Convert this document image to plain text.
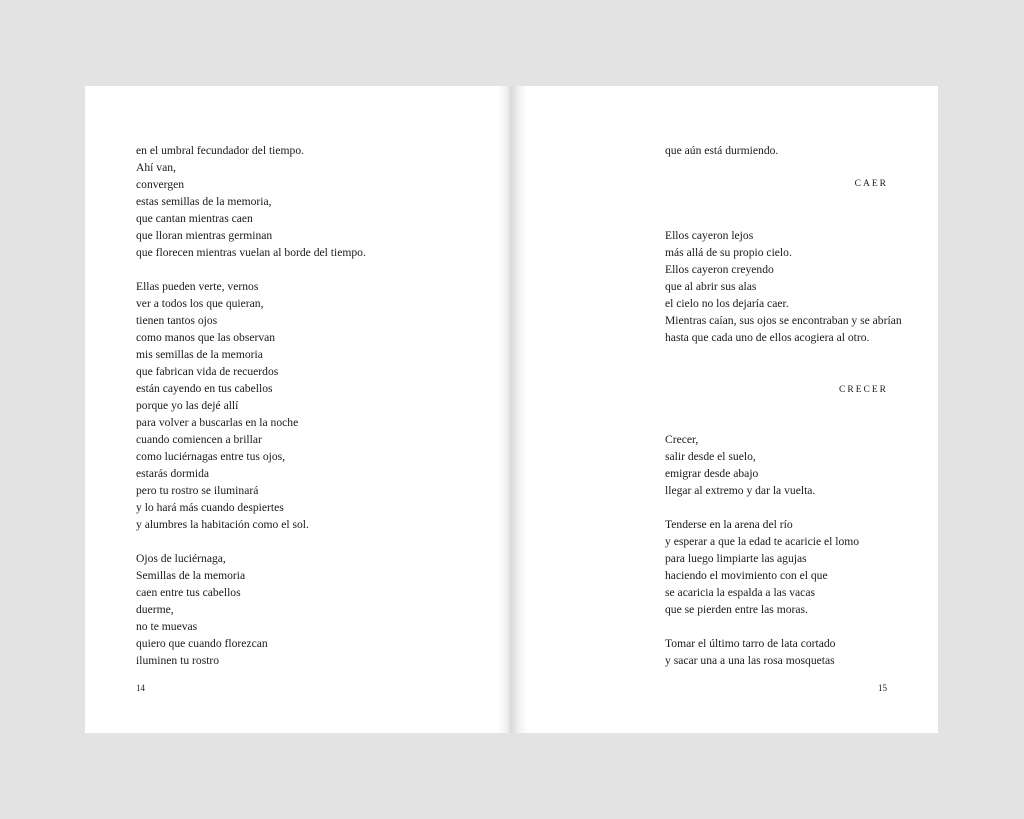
en el umbral fecundador del tiempo.
Ahí van,
convergen
estas semillas de la memoria,
que cantan mientras caen
que lloran mientras germinan
que florecen mientras vuelan al borde del tiempo.
Ellas pueden verte, vernos
ver a todos los que quieran,
tienen tantos ojos
como manos que las observan
mis semillas de la memoria
que fabrican vida de recuerdos
están cayendo en tus cabellos
porque yo las dejé allí
para volver a buscarlas en la noche
cuando comiencen a brillar
como luciérnagas entre tus ojos,
estarás dormida
pero tu rostro se iluminará
y lo hará más cuando despiertes
y alumbres la habitación como el sol.
Ojos de luciérnaga,
Semillas de la memoria
caen entre tus cabellos
duerme,
no te muevas
quiero que cuando florezcan
iluminen tu rostro
14
que aún está durmiendo.
CAER
Ellos cayeron lejos
más allá de su propio cielo.
Ellos cayeron creyendo
que al abrir sus alas
el cielo no los dejaría caer.
Mientras caían, sus ojos se encontraban y se abrían
hasta que cada uno de ellos acogiera al otro.
CRECER
Crecer,
salir desde el suelo,
emigrar desde abajo
llegar al extremo y dar la vuelta.
Tenderse en la arena del río
y esperar a que la edad te acaricie el lomo
para luego limpiarte las agujas
haciendo el movimiento con el que
se acaricia la espalda a las vacas
que se pierden entre las moras.
Tomar el último tarro de lata cortado
y sacar una a una las rosa mosquetas
15
